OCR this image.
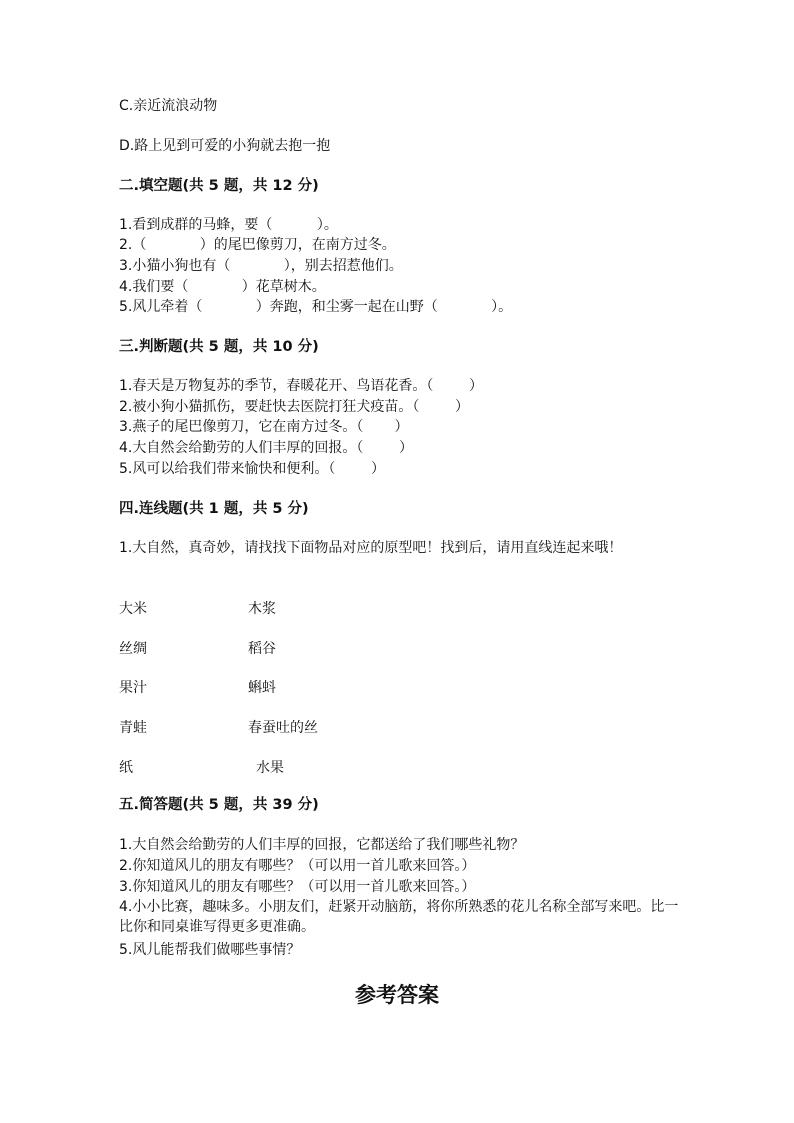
C.亲近流浪动物
D.路上见到可爱的小狗就去抱一抱
二.填空题(共 5 题，共 12 分)
1.看到成群的马蜂，要（          ）。
2.（            ）的尾巴像剪刀，在南方过冬。
3.小猫小狗也有（            ），别去招惹他们。
4.我们要（            ）花草树木。
5.风儿牵着（            ）奔跑，和尘雾一起在山野（            ）。
三.判断题(共 5 题，共 10 分)
1.春天是万物复苏的季节，春暖花开、鸟语花香。（        ）
2.被小狗小猫抓伤，要赶快去医院打狂犬疫苗。（        ）
3.燕子的尾巴像剪刀，它在南方过冬。（       ）
4.大自然会给勤劳的人们丰厚的回报。（        ）
5.风可以给我们带来愉快和便利。（        ）
四.连线题(共 1 题，共 5 分)
1.大自然，真奇妙，请找找下面物品对应的原型吧！找到后，请用直线连起来哦！
大米	木浆
丝绸	稻谷
果汁	蝌蚪
青蛙	春蚕吐的丝
纸	水果
五.简答题(共 5 题，共 39 分)
1.大自然会给勤劳的人们丰厚的回报，它都送给了我们哪些礼物？
2.你知道风儿的朋友有哪些？（可以用一首儿歌来回答。）
3.你知道风儿的朋友有哪些？（可以用一首儿歌来回答。）
4.小小比赛，趣味多。小朋友们，赶紧开动脑筋，将你所熟悉的花儿名称全部写来吧。比一比你和同桌谁写得更多更准确。
5.风儿能帮我们做哪些事情？
参考答案
